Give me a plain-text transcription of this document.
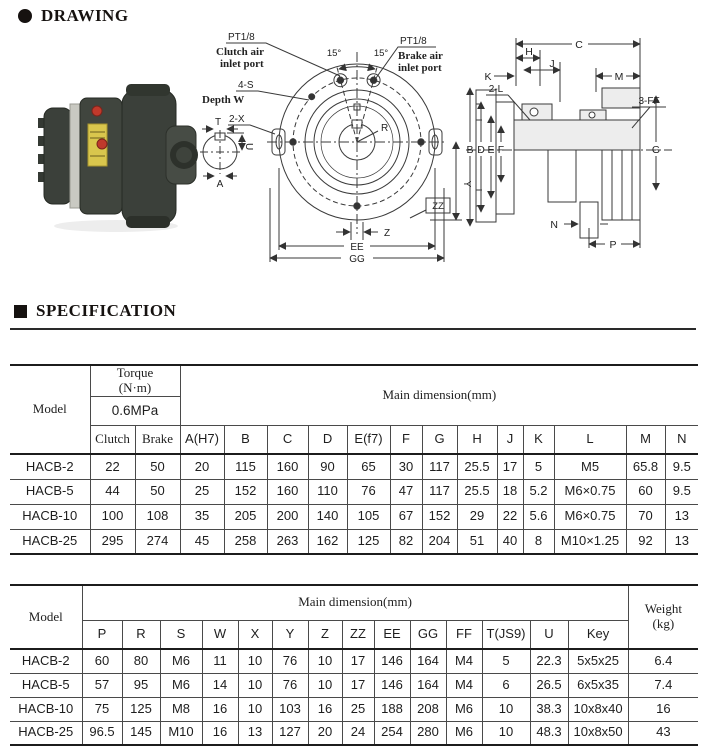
DRAWING
PT1/8
Clutch air
inlet port
15°	15°
PT1/8
Brake air
inlet port
4-S
Depth W
2-X
R
Y
ZZ
Z
EE
GG
T
U
A
C
H
J
K	M
2-L
3-FF
B D E F	G
N
P
SPECIFICATION
Model	Torque
(N·m)		Main dimension(mm)												
	0.6MPa														
	Clutch	Brake	A(H7)	B	C	D	E(f7)	F	G	H	J	K	L	M	N
HACB-2	22	50	20	115	160	90	65	30	117	25.5	17	5	M5	65.8	9.5
HACB-5	44	50	25	152	160	110	76	47	117	25.5	18	5.2	M6×0.75	60	9.5
HACB-10	100	108	35	205	200	140	105	67	152	29	22	5.6	M6×0.75	70	13
HACB-25	295	274	45	258	263	162	125	82	204	51	40	8	M10×1.25	92	13
Model	Main dimension(mm)														Weight
(kg)

	P	R	S	W	X	Y	Z	ZZ	EE	GG	FF	T(JS9)	U	Key	
HACB-2	60	80	M6	11	10	76	10	17	146	164	M4	5	22.3	5x5x25	6.4
HACB-5	57	95	M6	14	10	76	10	17	146	164	M4	6	26.5	6x5x35	7.4
HACB-10	75	125	M8	16	10	103	16	25	188	208	M6	10	38.3	10x8x40	16
HACB-25	96.5	145	M10	16	13	127	20	24	254	280	M6	10	48.3	10x8x50	43
